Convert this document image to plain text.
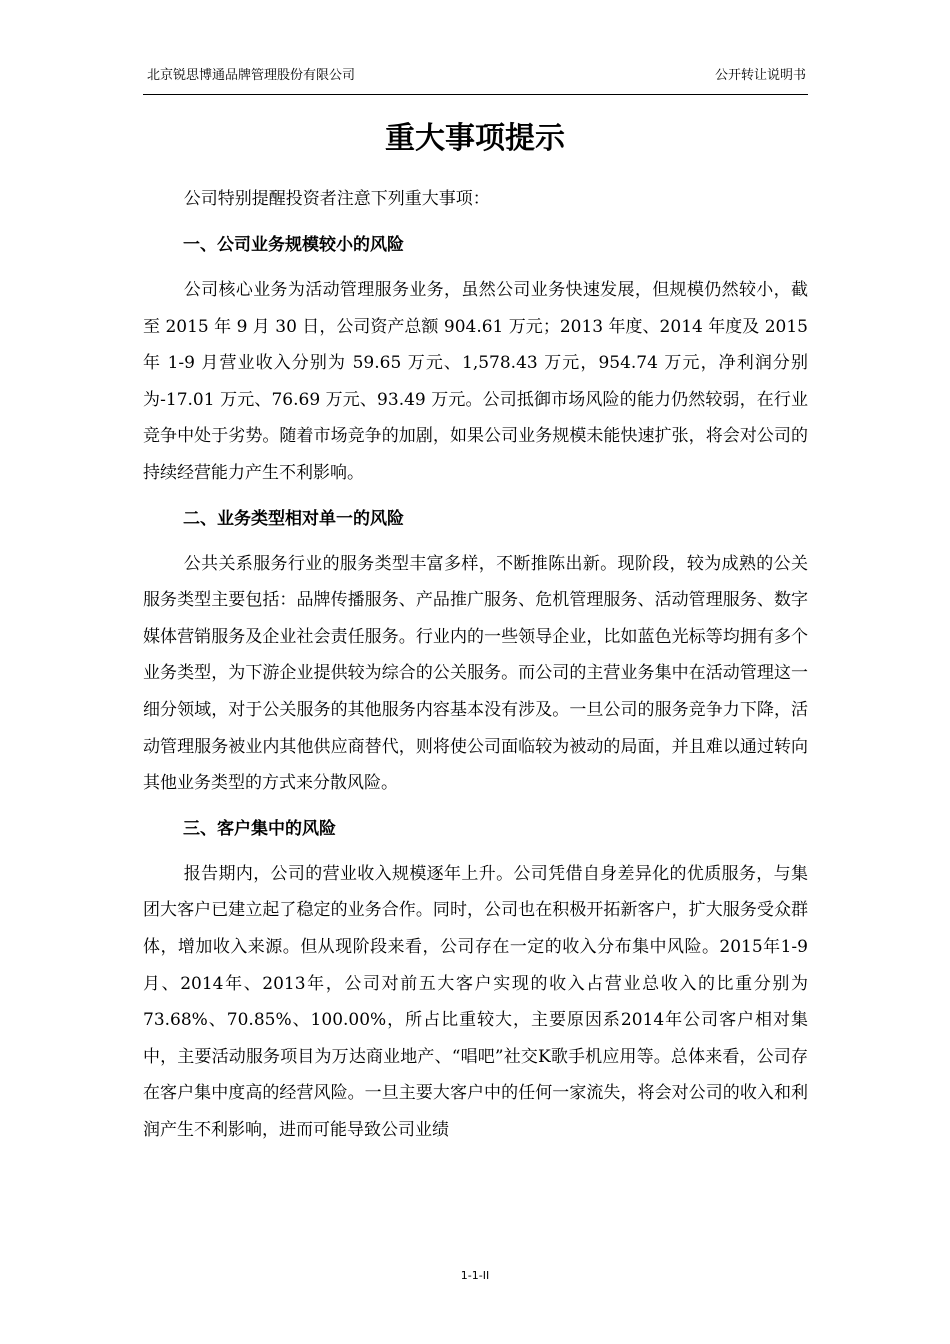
北京锐思博通品牌管理股份有限公司	公开转让说明书
重大事项提示

公司特别提醒投资者注意下列重大事项：

一、公司业务规模较小的风险

公司核心业务为活动管理服务业务，虽然公司业务快速发展，但规模仍然较小，截至 2015 年 9 月 30 日，公司资产总额 904.61 万元；2013 年度、2014 年度及 2015 年 1-9 月营业收入分别为 59.65 万元、1,578.43 万元，954.74 万元，净利润分别为-17.01 万元、76.69 万元、93.49 万元。公司抵御市场风险的能力仍然较弱，在行业竞争中处于劣势。随着市场竞争的加剧，如果公司业务规模未能快速扩张，将会对公司的持续经营能力产生不利影响。

二、业务类型相对单一的风险

公共关系服务行业的服务类型丰富多样，不断推陈出新。现阶段，较为成熟的公关服务类型主要包括：品牌传播服务、产品推广服务、危机管理服务、活动管理服务、数字媒体营销服务及企业社会责任服务。行业内的一些领导企业，比如蓝色光标等均拥有多个业务类型，为下游企业提供较为综合的公关服务。而公司的主营业务集中在活动管理这一细分领域，对于公关服务的其他服务内容基本没有涉及。一旦公司的服务竞争力下降，活动管理服务被业内其他供应商替代，则将使公司面临较为被动的局面，并且难以通过转向其他业务类型的方式来分散风险。

三、客户集中的风险

报告期内，公司的营业收入规模逐年上升。公司凭借自身差异化的优质服务，与集团大客户已建立起了稳定的业务合作。同时，公司也在积极开拓新客户，扩大服务受众群体，增加收入来源。但从现阶段来看，公司存在一定的收入分布集中风险。2015年1-9月、2014年、2013年，公司对前五大客户实现的收入占营业总收入的比重分别为73.68%、70.85%、100.00%，所占比重较大，主要原因系2014年公司客户相对集中，主要活动服务项目为万达商业地产、“唱吧”社交K歌手机应用等。总体来看，公司存在客户集中度高的经营风险。一旦主要大客户中的任何一家流失，将会对公司的收入和利润产生不利影响，进而可能导致公司业绩

1-1-II
